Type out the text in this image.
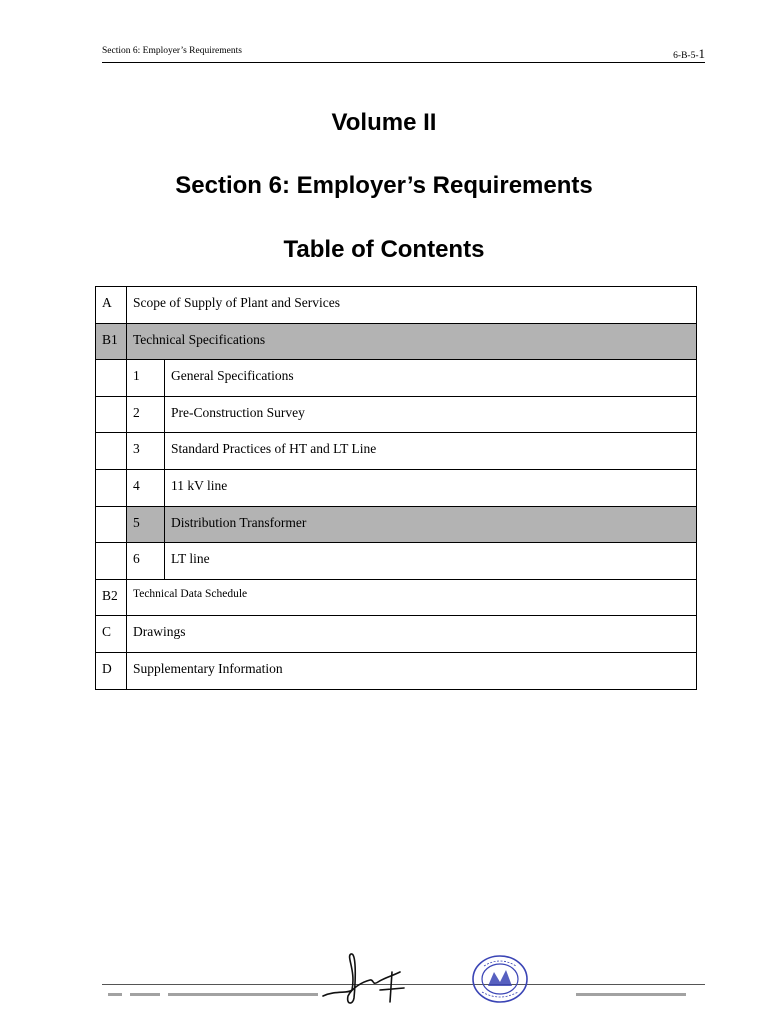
Section 6: Employer’s Requirements	6-B-5-1
Volume II
Section 6: Employer’s Requirements
Table of Contents
A	Scope of Supply of Plant and Services	
B1	Technical Specifications	
	1	General Specifications
	2	Pre-Construction Survey
	3	Standard Practices of HT and LT Line
	4	11 kV line
	5	Distribution Transformer
	6	LT line
B2	Technical Data Schedule	
C	Drawings	
D	Supplementary Information	
